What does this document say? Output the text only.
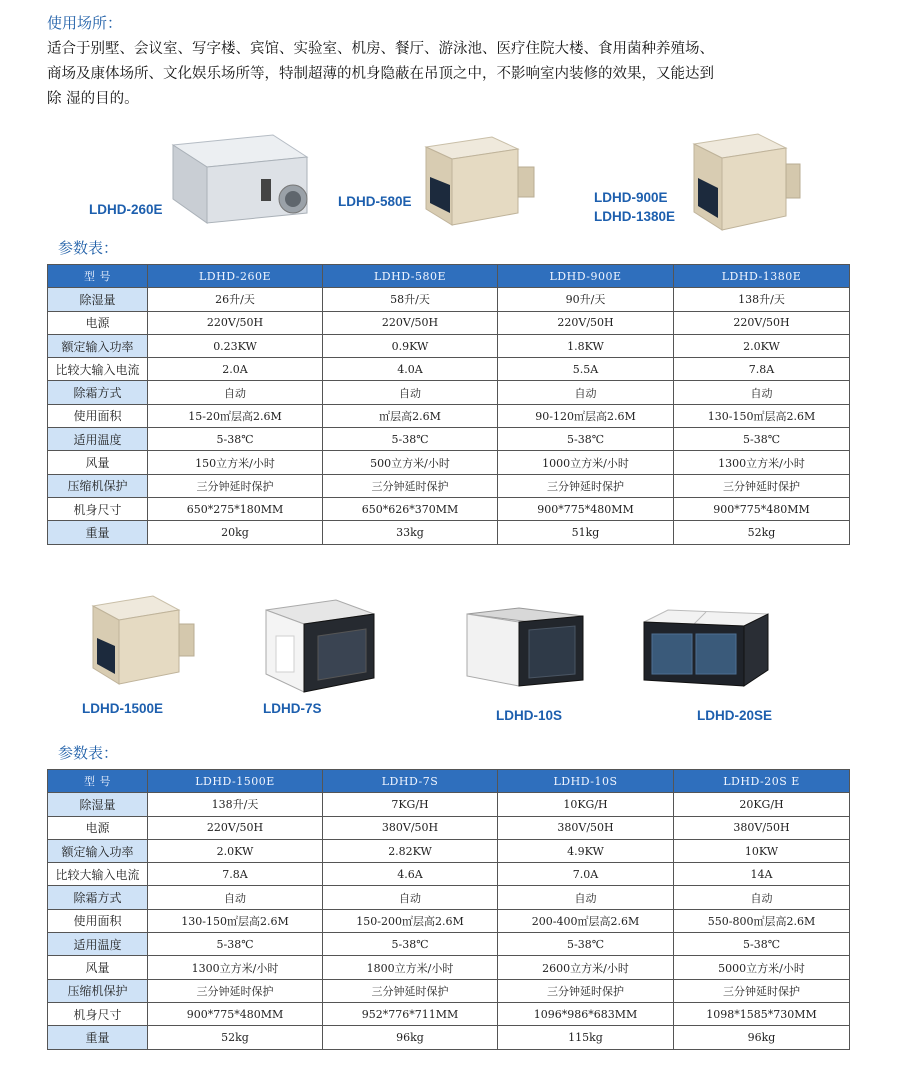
使用场所：
适合于别墅、会议室、写字楼、宾馆、实验室、机房、餐厅、游泳池、医疗住院大楼、食用菌种养殖场、
商场及康体场所、文化娱乐场所等，特制超薄的机身隐蔽在吊顶之中，不影响室内装修的效果，又能达到
除 湿的目的。
LDHD-260E
LDHD-580E	LDHD-900E
LDHD-1380E
参数表：
型 号	LDHD-260E	LDHD-580E	LDHD-900E	LDHD-1380E
除湿量	26升/天	58升/天	90升/天	138升/天
电源	220V/50H	220V/50H	220V/50H	220V/50H
额定输入功率	0.23KW	0.9KW	1.8KW	2.0KW
比较大输入电流	2.0A	4.0A	5.5A	7.8A
除霜方式	自动	自动	自动	自动
使用面积	15-20㎡层高2.6M	㎡层高2.6M	90-120㎡层高2.6M	130-150㎡层高2.6M
适用温度	5-38℃	5-38℃	5-38℃	5-38℃
风量	150立方米/小时	500立方米/小时	1000立方米/小时	1300立方米/小时
压缩机保护	三分钟延时保护	三分钟延时保护	三分钟延时保护	三分钟延时保护
机身尺寸	650*275*180MM	650*626*370MM	900*775*480MM	900*775*480MM
重量	20kg	33kg	51kg	52kg
LDHD-1500E	LDHD-7S	LDHD-10S	LDHD-20SE
参数表：
型 号	LDHD-1500E	LDHD-7S	LDHD-10S	LDHD-20S E
除湿量	138升/天	7KG/H	10KG/H	20KG/H
电源	220V/50H	380V/50H	380V/50H	380V/50H
额定输入功率	2.0KW	2.82KW	4.9KW	10KW
比较大输入电流	7.8A	4.6A	7.0A	14A
除霜方式	自动	自动	自动	自动
使用面积	130-150㎡层高2.6M	150-200㎡层高2.6M	200-400㎡层高2.6M	550-800㎡层高2.6M
适用温度	5-38℃	5-38℃	5-38℃	5-38℃
风量	1300立方米/小时	1800立方米/小时	2600立方米/小时	5000立方米/小时
压缩机保护	三分钟延时保护	三分钟延时保护	三分钟延时保护	三分钟延时保护
机身尺寸	900*775*480MM	952*776*711MM	1096*986*683MM	1098*1585*730MM
重量	52kg	96kg	115kg	96kg
